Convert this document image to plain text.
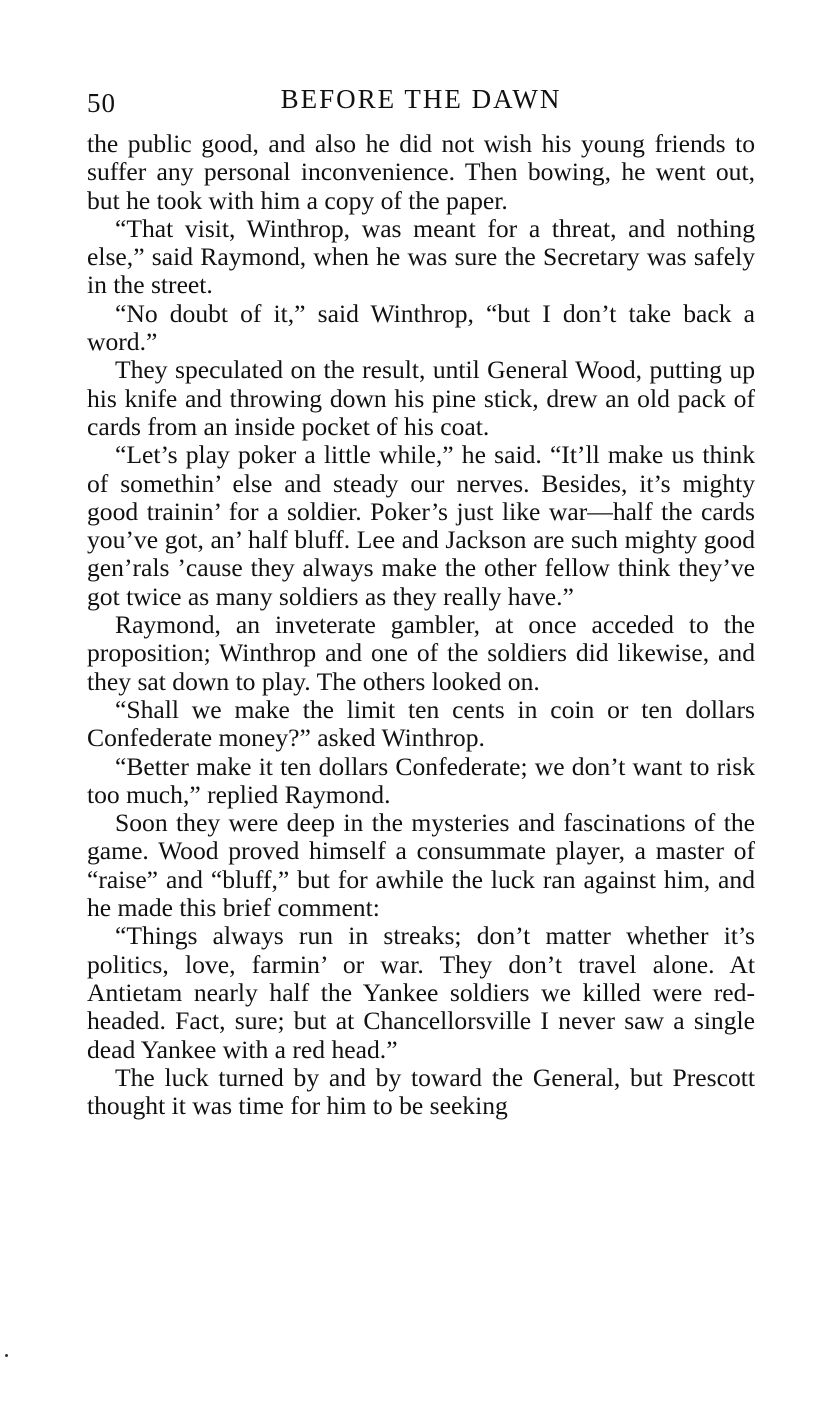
50	BEFORE THE DAWN

the public good, and also he did not wish his young friends to suffer any personal inconvenience. Then bowing, he went out, but he took with him a copy of the paper.

“That visit, Winthrop, was meant for a threat, and nothing else,” said Raymond, when he was sure the Secretary was safely in the street.

“No doubt of it,” said Winthrop, “but I don’t take back a word.”

They speculated on the result, until General Wood, putting up his knife and throwing down his pine stick, drew an old pack of cards from an inside pocket of his coat.

“Let’s play poker a little while,” he said. “It’ll make us think of somethin’ else and steady our nerves. Besides, it’s mighty good trainin’ for a soldier. Poker’s just like war—half the cards you’ve got, an’ half bluff. Lee and Jackson are such mighty good gen’rals ’cause they always make the other fellow think they’ve got twice as many soldiers as they really have.”

Raymond, an inveterate gambler, at once acceded to the proposition; Winthrop and one of the soldiers did likewise, and they sat down to play. The others looked on.

“Shall we make the limit ten cents in coin or ten dollars Confederate money?” asked Winthrop.

“Better make it ten dollars Confederate; we don’t want to risk too much,” replied Raymond.

Soon they were deep in the mysteries and fascinations of the game. Wood proved himself a consummate player, a master of “raise” and “bluff,” but for awhile the luck ran against him, and he made this brief comment:

“Things always run in streaks; don’t matter whether it’s politics, love, farmin’ or war. They don’t travel alone. At Antietam nearly half the Yankee soldiers we killed were red-headed. Fact, sure; but at Chancellorsville I never saw a single dead Yankee with a red head.”

The luck turned by and by toward the General, but Prescott thought it was time for him to be seeking
